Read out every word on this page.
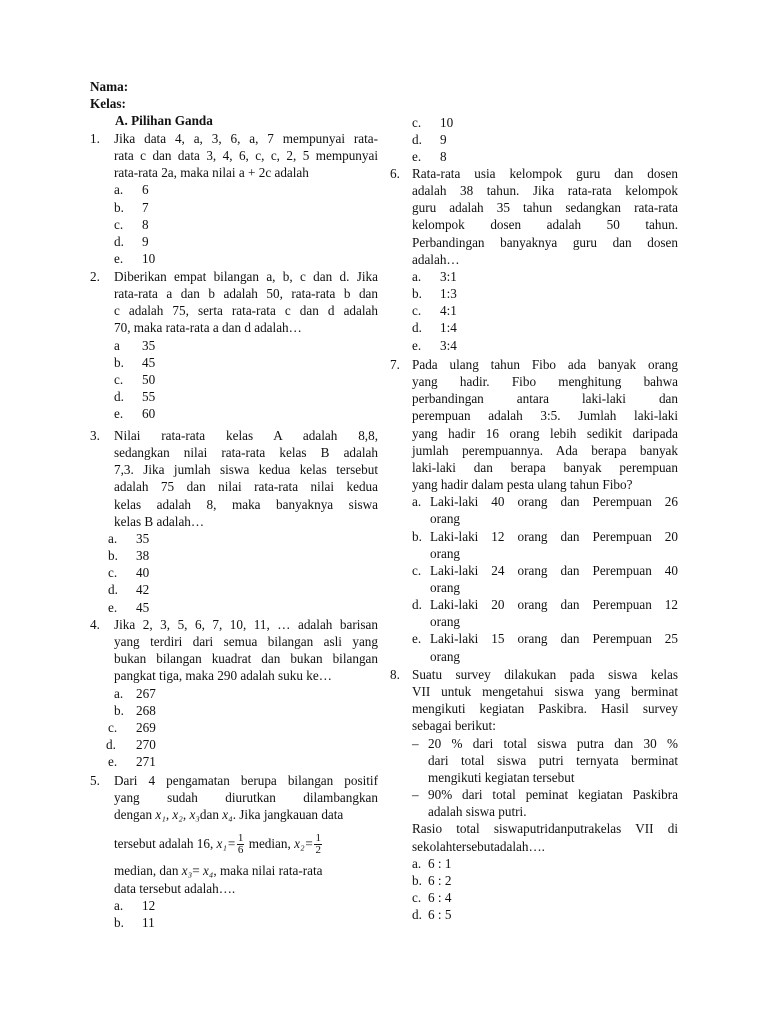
Nama:
Kelas:
A. Pilihan Ganda
1. Jika data 4, a, 3, 6, a, 7 mempunyai rata-
rata c dan data 3, 4, 6, c, c, 2, 5 mempunyai
rata-rata 2a, maka nilai a + 2c adalah
a. 6
b. 7
c. 8
d. 9
e. 10
2. Diberikan empat bilangan a, b, c dan d. Jika
rata-rata a dan b adalah 50, rata-rata b dan
c adalah 75, serta rata-rata c dan d adalah
70, maka rata-rata a dan d adalah…
a 35
b. 45
c. 50
d. 55
e. 60
3. Nilai rata-rata kelas A adalah 8,8,
sedangkan nilai rata-rata kelas B adalah
7,3. Jika jumlah siswa kedua kelas tersebut
adalah 75 dan nilai rata-rata nilai kedua
kelas adalah 8, maka banyaknya siswa
kelas B adalah…
a. 35
b. 38
c. 40
d. 42
e. 45
4. Jika 2, 3, 5, 6, 7, 10, 11, … adalah barisan
yang terdiri dari semua bilangan asli yang
bukan bilangan kuadrat dan bukan bilangan
pangkat tiga, maka 290 adalah suku ke…
a. 267
b. 268
c. 269
d. 270
e. 271
5. Dari 4 pengamatan berupa bilangan positif
yang sudah diurutkan dilambangkan
dengan x₁, x₂, x₃dan x₄. Jika jangkauan data
tersebut adalah 16, $x_1= \frac{1}{6}$ median, $x_2= \frac{1}{2}$
median, dan x₃= x₄, maka nilai rata-rata
data tersebut adalah….
a. 12
b. 11
c. 10
d. 9
e. 8
6. Rata-rata usia kelompok guru dan dosen
adalah 38 tahun. Jika rata-rata kelompok
guru adalah 35 tahun sedangkan rata-rata
kelompok dosen adalah 50 tahun.
Perbandingan banyaknya guru dan dosen
adalah…
a. 3:1
b. 1:3
c. 4:1
d. 1:4
e. 3:4
7. Pada ulang tahun Fibo ada banyak orang
yang hadir. Fibo menghitung bahwa
perbandingan antara laki-laki dan
perempuan adalah 3:5. Jumlah laki-laki
yang hadir 16 orang lebih sedikit daripada
jumlah perempuannya. Ada berapa banyak
laki-laki dan berapa banyak perempuan
yang hadir dalam pesta ulang tahun Fibo?
a. Laki-laki 40 orang dan Perempuan 26
orang
b. Laki-laki 12 orang dan Perempuan 20
orang
c. Laki-laki 24 orang dan Perempuan 40
orang
d. Laki-laki 20 orang dan Perempuan 12
orang
e. Laki-laki 15 orang dan Perempuan 25
orang
8. Suatu survey dilakukan pada siswa kelas
VII untuk mengetahui siswa yang berminat
mengikuti kegiatan Paskibra. Hasil survey
sebagai berikut:
– 20 % dari total siswa putra dan 30 %
dari total siswa putri ternyata berminat
mengikuti kegiatan tersebut
– 90% dari total peminat kegiatan Paskibra
adalah siswa putri.
Rasio total siswaputridanputrakelas VII di
sekolahtersebutadalah….
a. 6 : 1
b. 6 : 2
c. 6 : 4
d. 6 : 5
